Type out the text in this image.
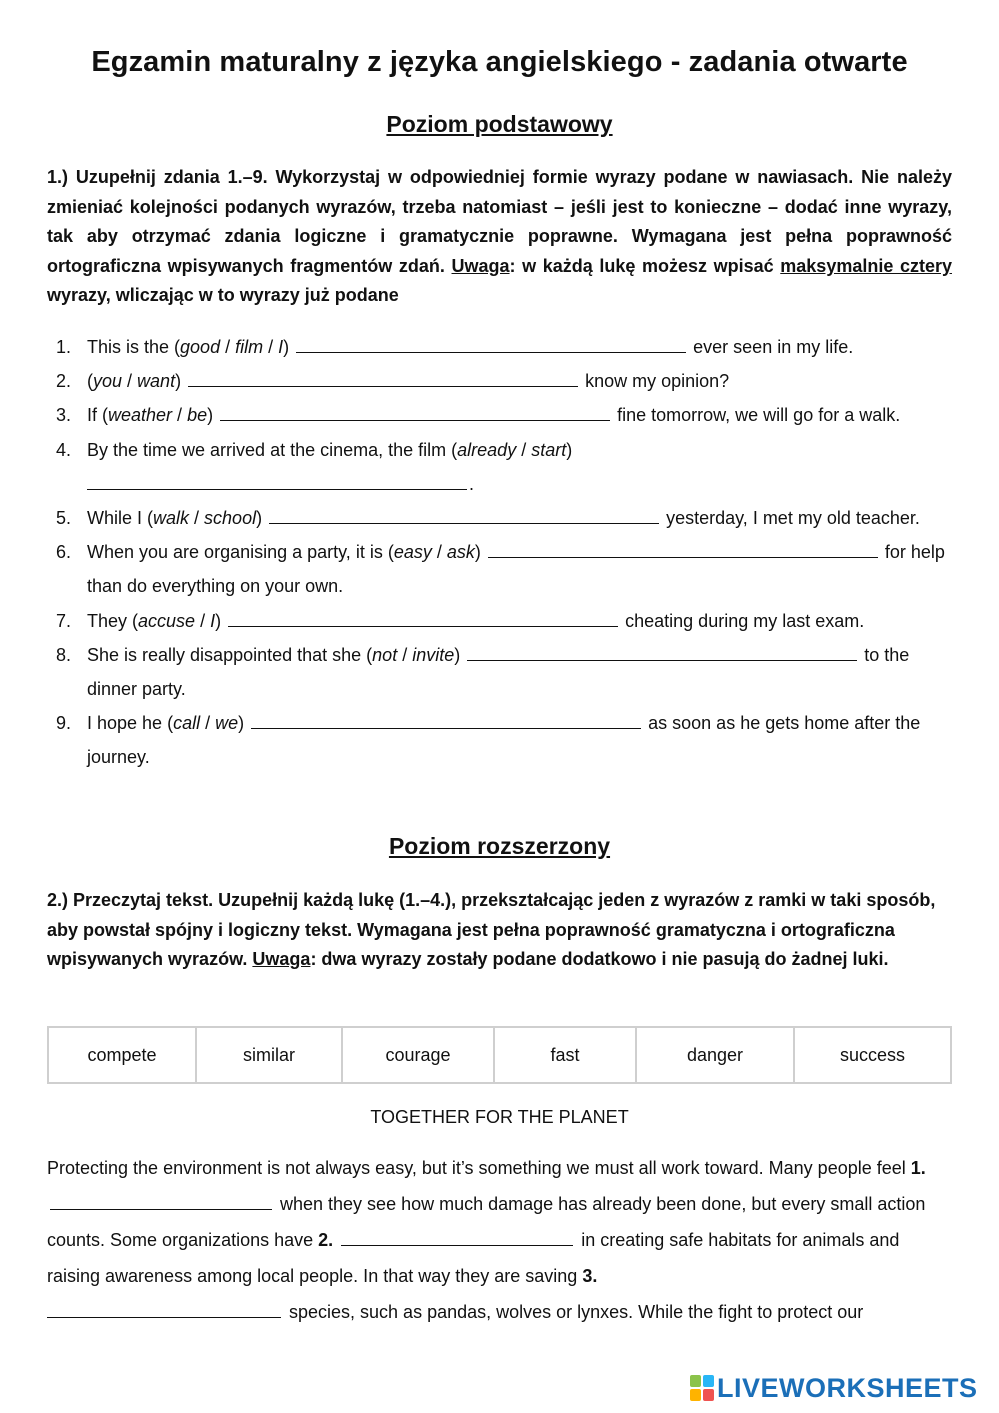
Egzamin maturalny z języka angielskiego - zadania otwarte
Poziom podstawowy

1.) Uzupełnij zdania 1.–9. Wykorzystaj w odpowiedniej formie wyrazy podane w nawiasach. Nie należy zmieniać kolejności podanych wyrazów, trzeba natomiast – jeśli jest to konieczne – dodać inne wyrazy, tak aby otrzymać zdania logiczne i gramatycznie poprawne. Wymagana jest pełna poprawność ortograficzna wpisywanych fragmentów zdań. Uwaga: w każdą lukę możesz wpisać maksymalnie cztery wyrazy, wliczając w to wyrazy już podane

1. This is the (good / film / I)	ever seen in my life.
2. (you / want)	know my opinion?
3. If (weather / be)	fine tomorrow, we will go for a walk.
4. By the time we arrived at the cinema, the film (already / start)
.
5. While I (walk / school)	yesterday, I met my old teacher.
6. When you are organising a party, it is (easy / ask)	for help than do everything on your own.
7. They (accuse / I)	cheating during my last exam.
8. She is really disappointed that she (not / invite)	to the dinner party.
9. I hope he (call / we)	as soon as he gets home after the journey.
Poziom rozszerzony

2.) Przeczytaj tekst. Uzupełnij każdą lukę (1.–4.), przekształcając jeden z wyrazów z ramki w taki sposób, aby powstał spójny i logiczny tekst. Wymagana jest pełna poprawność gramatyczna i ortograficzna wpisywanych wyrazów. Uwaga: dwa wyrazy zostały podane dodatkowo i nie pasują do żadnej luki.

compete	similar	courage	fast	danger	success
TOGETHER FOR THE PLANET

Protecting the environment is not always easy, but it’s something we must all work toward. Many people feel 1.  when they see how much damage has already been done, but every small action counts. Some organizations have 2.	in creating safe habitats for animals and raising awareness among local people. In that way they are saving 3.
species, such as pandas, wolves or lynxes. While the fight to protect our

LIVEWORKSHEETS
